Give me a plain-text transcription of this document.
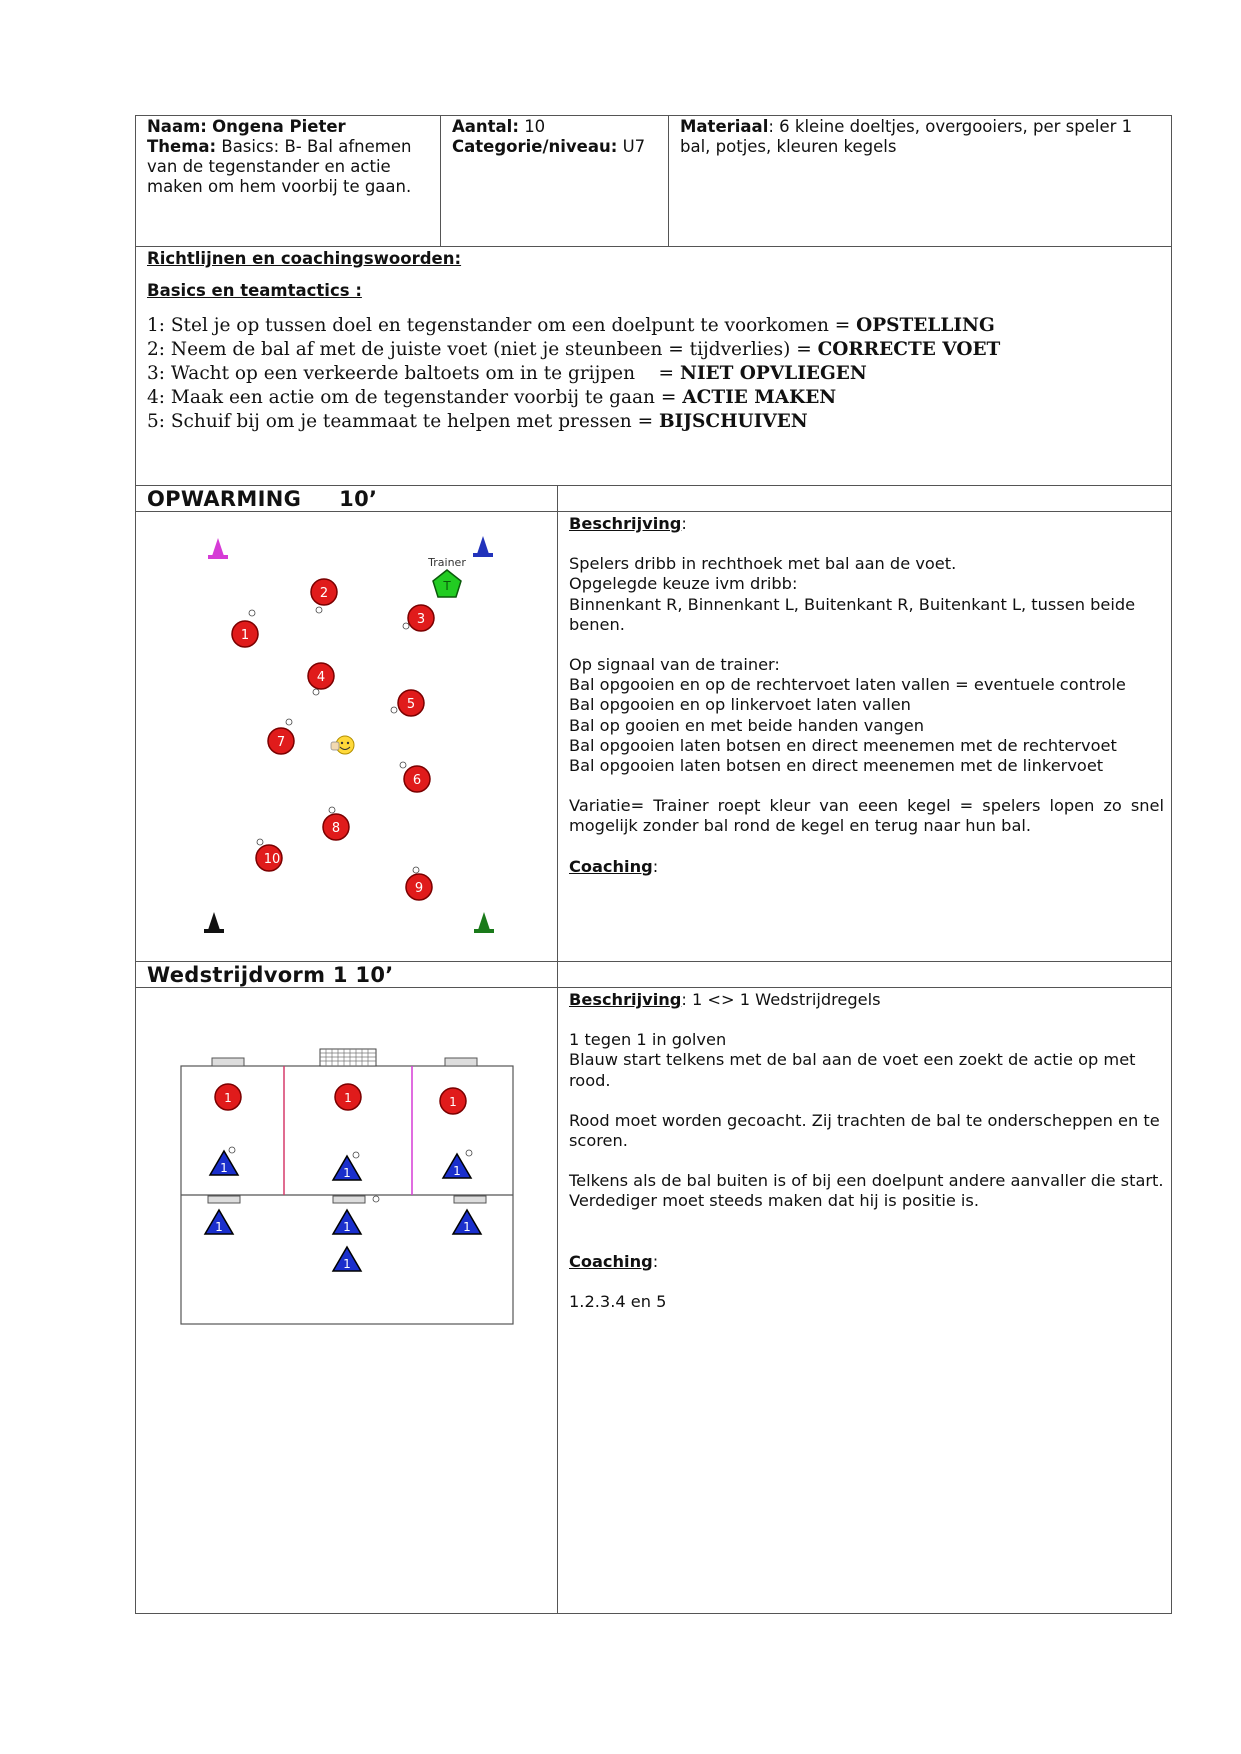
Naam: Ongena Pieter
Thema: Basics: B- Bal afnemen van de tegenstander en actie maken om hem voorbij te gaan.
Aantal: 10
Categorie/niveau: U7
Materiaal: 6 kleine doeltjes, overgooiers, per speler 1 bal, potjes, kleuren kegels
Richtlijnen en coachingswoorden:
Basics en teamtactics :
1: Stel je op tussen doel en tegenstander om een doelpunt te voorkomen = OPSTELLING
2: Neem de bal af met de juiste voet (niet je steunbeen = tijdverlies) = CORRECTE VOET
3: Wacht op een verkeerde baltoets om in te grijpen    = NIET OPVLIEGEN
4: Maak een actie om de tegenstander voorbij te gaan = ACTIE MAKEN
5: Schuif bij om je teammaat te helpen met pressen = BIJSCHUIVEN
OPWARMING     10’

Beschrijving:

Spelers dribb in rechthoek met bal aan de voet.

Opgelegde keuze ivm dribb:

Binnenkant R, Binnenkant L, Buitenkant R, Buitenkant L, tussen beide benen.

Op signaal van de trainer:

Bal opgooien en op de rechtervoet laten vallen = eventuele controle

Bal opgooien en op linkervoet laten vallen

Bal op gooien en met beide handen vangen

Bal opgooien laten botsen en direct meenemen met de rechtervoet

Bal opgooien laten botsen en direct meenemen met de linkervoet

Variatie= Trainer roept kleur van eeen kegel = spelers lopen zo snel mogelijk zonder bal rond de kegel en terug naar hun bal.

Coaching:

Trainer
T
1
2
3
4
5
6
7
8
9
10
Wedstrijdvorm 1 10’

Beschrijving: 1 <> 1 Wedstrijdregels

1 tegen 1 in golven

Blauw start telkens met de bal aan de voet een zoekt de actie op met rood.

Rood moet worden gecoacht. Zij trachten de bal te onderscheppen en te scoren.

Telkens als de bal buiten is of bij een doelpunt andere aanvaller die start.

Verdediger moet steeds maken dat hij is positie is.

Coaching:

1.2.3.4 en 5

1	1	1
1	1	1
1	1	1
1
